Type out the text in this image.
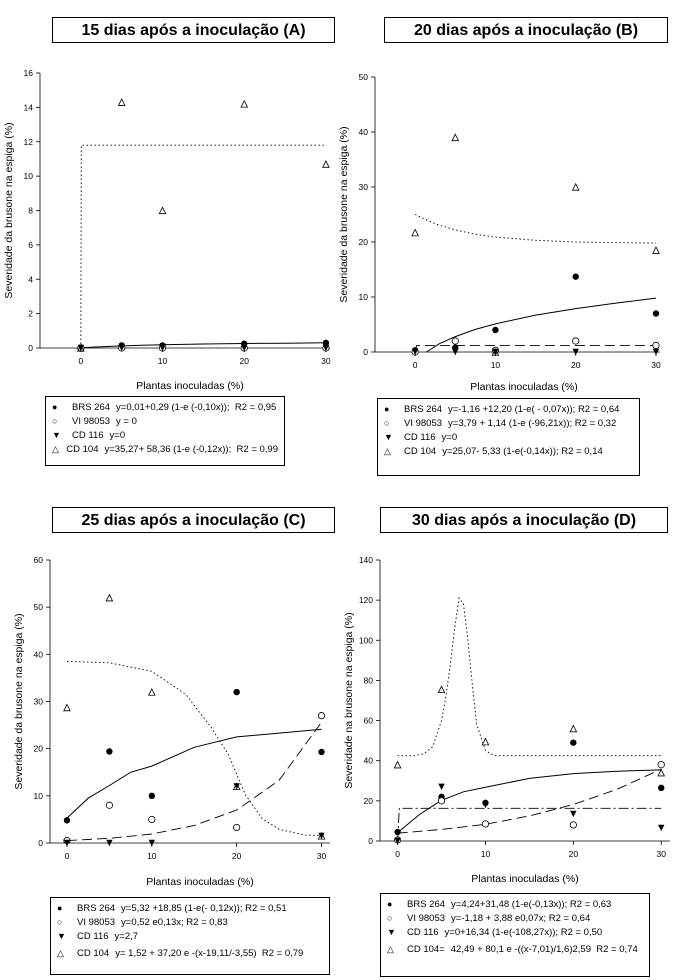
15 dias após a inoculação (A)
0
2
4
6
8
10
12
14
16
0	10	20	30
Severidade da brusone na espiga (%)
Plantas inoculadas (%)
●	BRS 264 y=0,01+0,29 (1-e (-0,10x));
R2 = 0,95
○	VI 98053 y = 0
▼	CD 116 y=0
△ CD 104 y=35,27+ 58,36 (1-e (-0,12x));
R2 = 0,99
20 dias após a inoculação (B)
0
10
20
30
40
50
0	10	20	30
Severidade da brusone na espiga (%)
Plantas inoculadas (%)
●	BRS 264 y=-1,16 +12,20 (1-e( - 0,07x));
R2 = 0,64
○	VI 98053 y=3,79 + 1,14 (1-e (-96,21x));
R2 = 0,32
▼	CD 116 y=0
△	CD 104 y=25,07- 5,33 (1-e(-0,14x));
R2 = 0,14
25 dias após a inoculação (C)
0
10
20
30
40
50
60
0	10	20	30
Severidade da brusone na espiga (%)
Plantas inoculadas (%)
●	BRS 264 y=5,32 +18,85 (1-e(- 0,12x));
R2 = 0,51
○	VI 98053 y=0,52 e0,13x;
R2 = 0,83
▼	CD 116 y=2,7
△	CD 104 y= 1,52 + 37,20 e -(x-19,11/-3,55)
R2 = 0,79
30 dias após a inoculação (D)
0
20
40
60
80
100
120
140
0	10	20	30
Severidade na brusone na espiga (%)
Plantas inoculadas (%)
●	BRS 264 y=4,24+31,48 (1-e(-0,13x));
R2 = 0,63
○	VI 98053 y=-1,18 + 3,88 e0,07x;
R2 = 0,64
▼	CD 116 y=0+16,34 (1-e(-108,27x));
R2 = 0,50
△	CD 104= 42,49 + 80,1 e -((x-7,01)/1,6)2,59
R2 = 0,74
